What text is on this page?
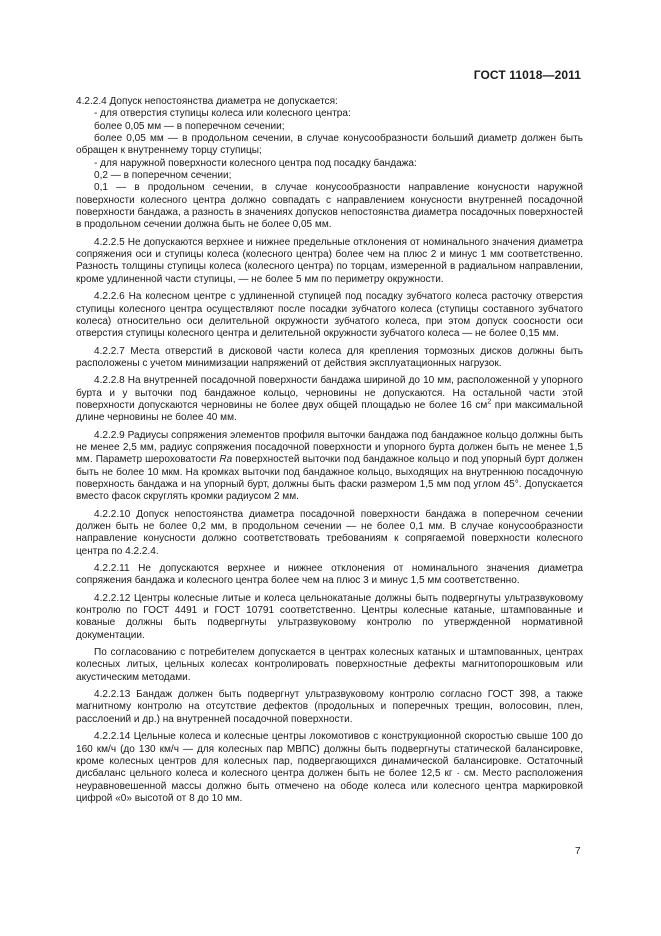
ГОСТ 11018—2011

4.2.2.4 Допуск непостоянства диаметра не допускается:

- для отверстия ступицы колеса или колесного центра:

более 0,05 мм — в поперечном сечении;

более 0,05 мм — в продольном сечении, в случае конусообразности больший диаметр должен быть обращен к внутреннему торцу ступицы;

- для наружной поверхности колесного центра под посадку бандажа:

0,2 — в поперечном сечении;

0,1 — в продольном сечении, в случае конусообразности направление конусности наружной поверхности колесного центра должно совпадать с направлением конусности внутренней посадочной поверхности бандажа, а разность в значениях допусков непостоянства диаметра посадочных поверхностей в продольном сечении должна быть не более 0,05 мм.

4.2.2.5 Не допускаются верхнее и нижнее предельные отклонения от номинального значения диаметра сопряжения оси и ступицы колеса (колесного центра) более чем на плюс 2 и минус 1 мм соответственно. Разность толщины ступицы колеса (колесного центра) по торцам, измеренной в радиальном направлении, кроме удлиненной части ступицы, — не более 5 мм по периметру окружности.

4.2.2.6 На колесном центре с удлиненной ступицей под посадку зубчатого колеса расточку отверстия ступицы колесного центра осуществляют после посадки зубчатого колеса (ступицы составного зубчатого колеса) относительно оси делительной окружности зубчатого колеса, при этом допуск соосности оси отверстия ступицы колесного центра и делительной окружности зубчатого колеса — не более 0,15 мм.

4.2.2.7 Места отверстий в дисковой части колеса для крепления тормозных дисков должны быть расположены с учетом минимизации напряжений от действия эксплуатационных нагрузок.

4.2.2.8 На внутренней посадочной поверхности бандажа шириной до 10 мм, расположенной у упорного бурта и у выточки под бандажное кольцо, черновины не допускаются. На остальной части этой поверхности допускаются черновины не более двух общей площадью не более 16 $см^2$ при максимальной длине черновины не более 40 мм.

4.2.2.9 Радиусы сопряжения элементов профиля выточки бандажа под бандажное кольцо должны быть не менее 2,5 мм, радиус сопряжения посадочной поверхности и упорного бурта должен быть не менее 1,5 мм. Параметр шероховатости Ra поверхностей выточки под бандажное кольцо и под упорный бурт должен быть не более 10 мкм. На кромках выточки под бандажное кольцо, выходящих на внутреннюю посадочную поверхность бандажа и на упорный бурт, должны быть фаски размером 1,5 мм под углом 45°. Допускается вместо фасок скруглять кромки радиусом 2 мм.

4.2.2.10 Допуск непостоянства диаметра посадочной поверхности бандажа в поперечном сечении должен быть не более 0,2 мм, в продольном сечении — не более 0,1 мм. В случае конусообразности направление конусности должно соответствовать требованиям к сопрягаемой поверхности колесного центра по 4.2.2.4.

4.2.2.11 Не допускаются верхнее и нижнее отклонения от номинального значения диаметра сопряжения бандажа и колесного центра более чем на плюс 3 и минус 1,5 мм соответственно.

4.2.2.12 Центры колесные литые и колеса цельнокатаные должны быть подвергнуты ультразвуковому контролю по ГОСТ 4491 и ГОСТ 10791 соответственно. Центры колесные катаные, штампованные и кованые должны быть подвергнуты ультразвуковому контролю по утвержденной нормативной документации.

По согласованию с потребителем допускается в центрах колесных катаных и штампованных, центрах колесных литых, цельных колесах контролировать поверхностные дефекты магнитопорошковым или акустическим методами.

4.2.2.13 Бандаж должен быть подвергнут ультразвуковому контролю согласно ГОСТ 398, а также магнитному контролю на отсутствие дефектов (продольных и поперечных трещин, волосовин, плен, расслоений и др.) на внутренней посадочной поверхности.

4.2.2.14 Цельные колеса и колесные центры локомотивов с конструкционной скоростью свыше 100 до 160 км/ч (до 130 км/ч — для колесных пар МВПС) должны быть подвергнуты статической балансировке, кроме колесных центров для колесных пар, подвергающихся динамической балансировке. Остаточный дисбаланс цельного колеса и колесного центра должен быть не более 12,5 кг · см. Место расположения неуравновешенной массы должно быть отмечено на ободе колеса или колесного центра маркировкой цифрой «0» высотой от 8 до 10 мм.

7
